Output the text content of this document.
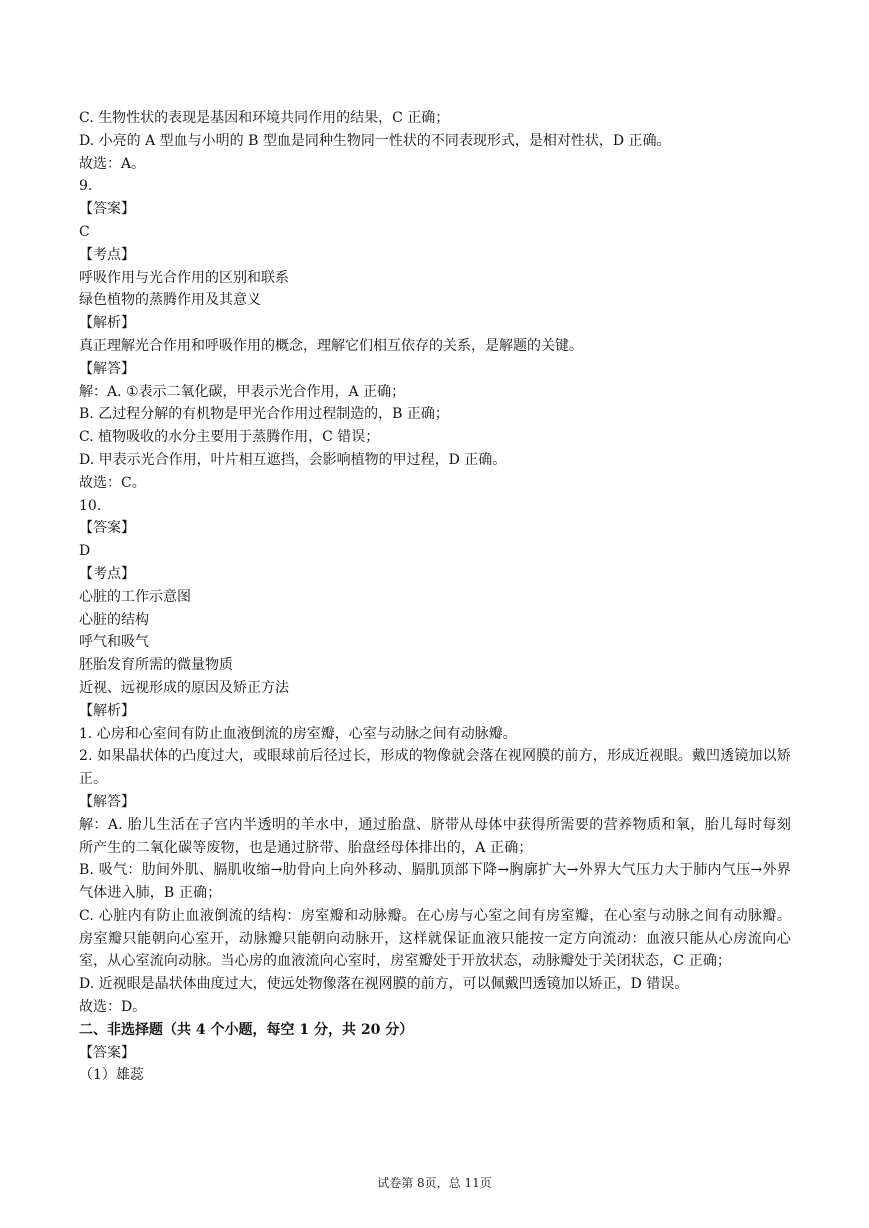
C. 生物性状的表现是基因和环境共同作用的结果，C 正确；
D. 小亮的 A 型血与小明的 B 型血是同种生物同一性状的不同表现形式，是相对性状，D 正确。
故选：A。
9.
【答案】
C
【考点】
呼吸作用与光合作用的区别和联系
绿色植物的蒸腾作用及其意义
【解析】
真正理解光合作用和呼吸作用的概念，理解它们相互依存的关系，是解题的关键。
【解答】
解：A. ①表示二氧化碳，甲表示光合作用，A 正确；
B. 乙过程分解的有机物是甲光合作用过程制造的，B 正确；
C. 植物吸收的水分主要用于蒸腾作用，C 错误；
D. 甲表示光合作用，叶片相互遮挡，会影响植物的甲过程，D 正确。
故选：C。
10.
【答案】
D
【考点】
心脏的工作示意图
心脏的结构
呼气和吸气
胚胎发育所需的微量物质
近视、远视形成的原因及矫正方法
【解析】
1. 心房和心室间有防止血液倒流的房室瓣，心室与动脉之间有动脉瓣。
2. 如果晶状体的凸度过大，或眼球前后径过长，形成的物像就会落在视网膜的前方，形成近视眼。戴凹透镜加以矫正。
【解答】
解：A. 胎儿生活在子宫内半透明的羊水中，通过胎盘、脐带从母体中获得所需要的营养物质和氧，胎儿每时每刻所产生的二氧化碳等废物，也是通过脐带、胎盘经母体排出的，A 正确；
B. 吸气：肋间外肌、膈肌收缩→肋骨向上向外移动、膈肌顶部下降→胸廓扩大→外界大气压力大于肺内气压→外界气体进入肺，B 正确；
C. 心脏内有防止血液倒流的结构：房室瓣和动脉瓣。在心房与心室之间有房室瓣，在心室与动脉之间有动脉瓣。房室瓣只能朝向心室开，动脉瓣只能朝向动脉开，这样就保证血液只能按一定方向流动：血液只能从心房流向心室，从心室流向动脉。当心房的血液流向心室时，房室瓣处于开放状态，动脉瓣处于关闭状态，C 正确；
D. 近视眼是晶状体曲度过大，使远处物像落在视网膜的前方，可以佩戴凹透镜加以矫正，D 错误。
故选：D。
二、非选择题（共 4 个小题，每空 1 分，共 20 分）
【答案】
（1）雄蕊
试卷第 8页，总 11页
